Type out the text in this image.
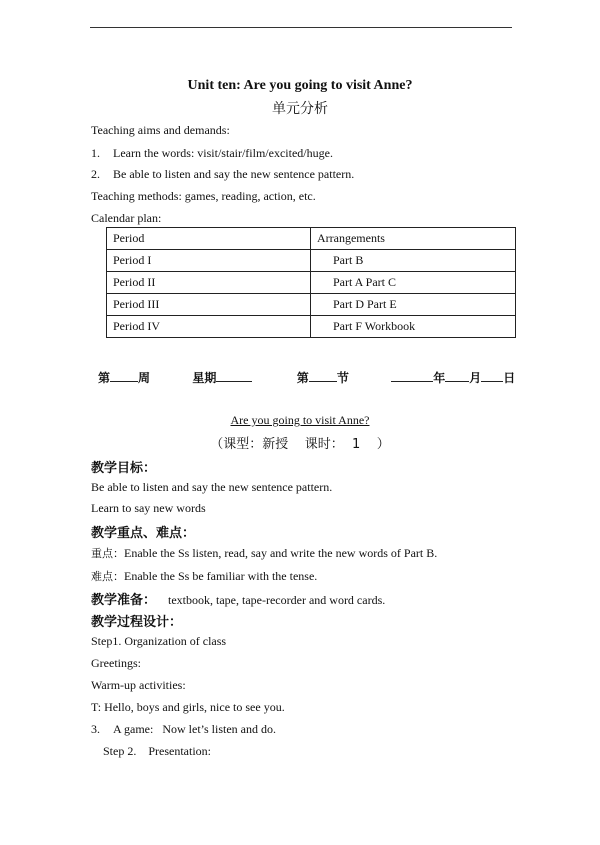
Unit ten: Are you going to visit Anne?
单元分析
Teaching aims and demands:
1. Learn the words: visit/stair/film/excited/huge.
2. Be able to listen and say the new sentence pattern.
Teaching methods: games, reading, action, etc.
Calendar plan:
Period	Arrangements
Period I	Part B
Period II	Part A Part C
Period III	Part D Part E
Period IV	Part F Workbook
第 周	星期	第 节	年 月 日
Are you going to visit Anne?
（课型：新授    课时：  1    ）
教学目标：
Be able to listen and say the new sentence pattern.
Learn to say new words
教学重点、难点：
重点：Enable the Ss listen, read, say and write the new words of Part B.
难点：Enable the Ss be familiar with the tense.
教学准备： textbook, tape, tape-recorder and word cards.
教学过程设计：
Step1. Organization of class
Greetings:
Warm-up activities:
T: Hello, boys and girls, nice to see you.
3. A game:   Now let’s listen and do.
Step 2.    Presentation:
